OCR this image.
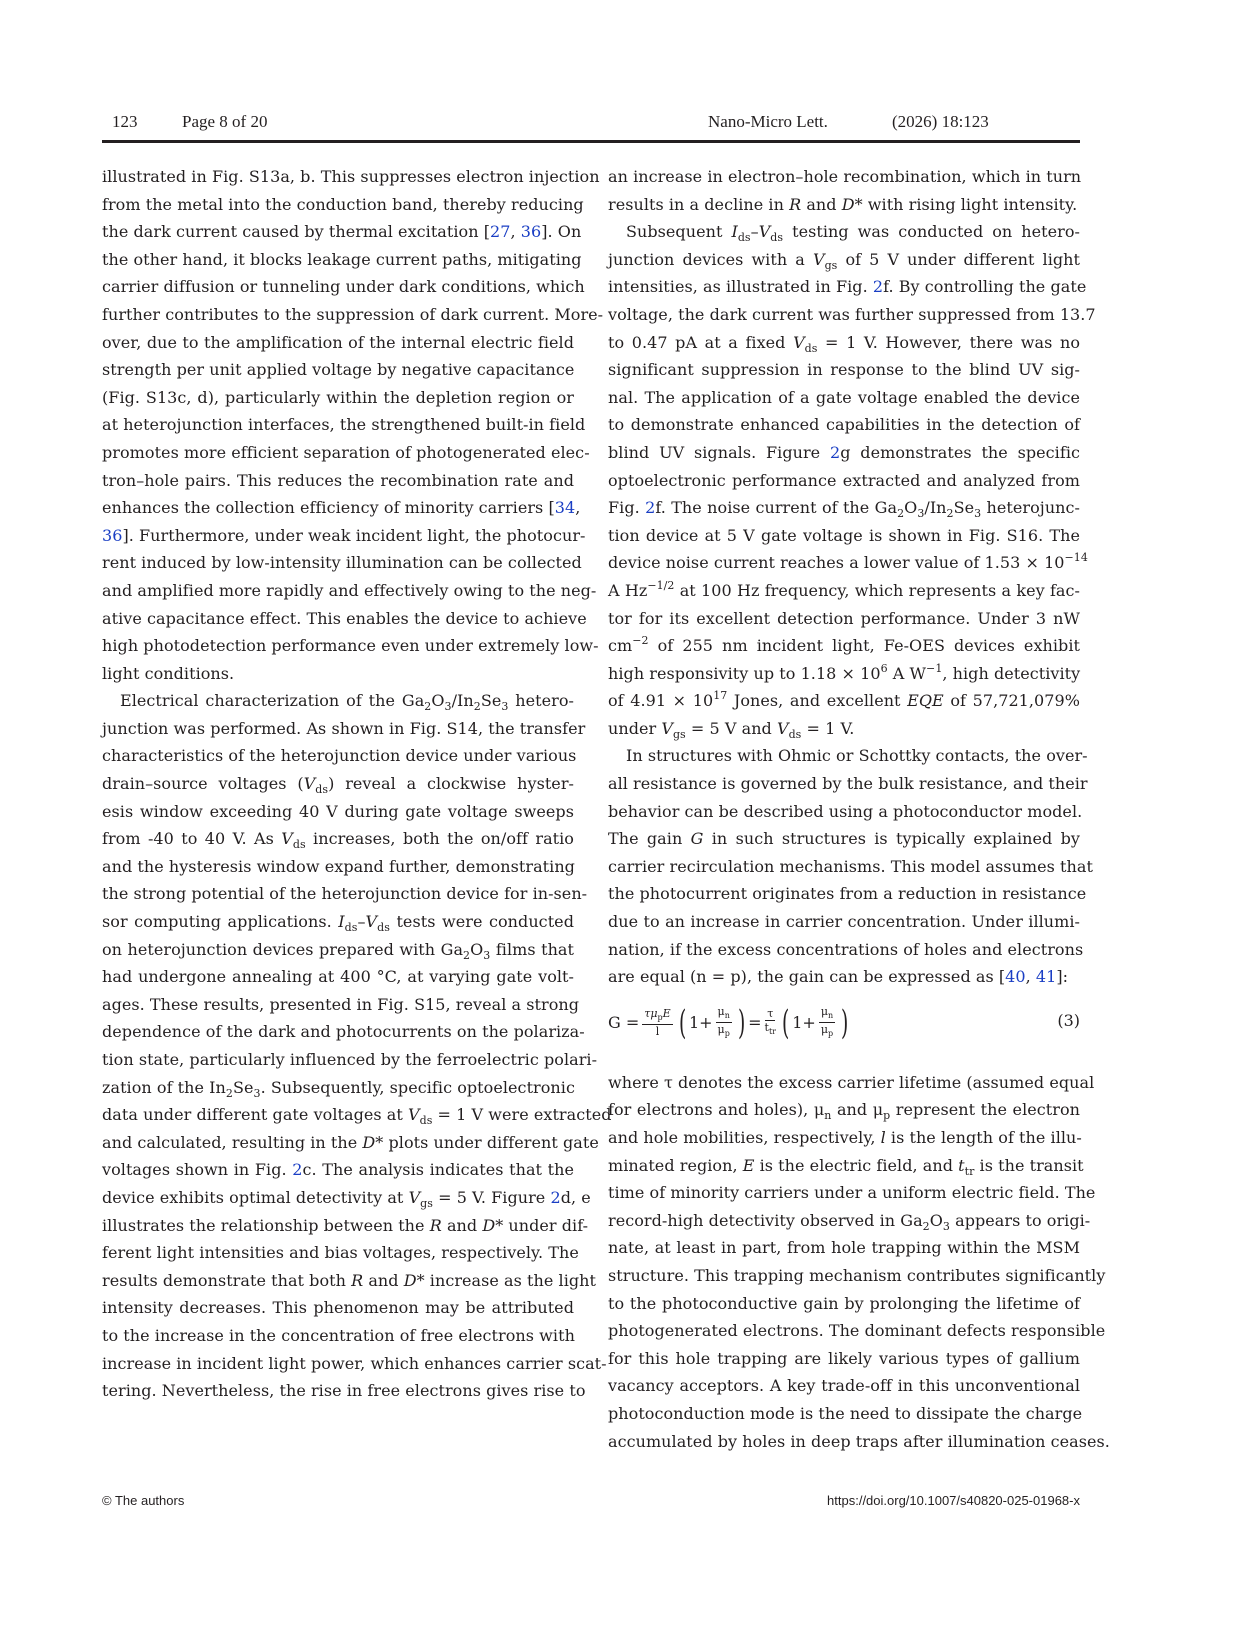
123	Page 8 of 20	Nano-Micro Lett.	(2026) 18:123
illustrated in Fig. S13a, b. This suppresses electron injection
from the metal into the conduction band, thereby reducing
the dark current caused by thermal excitation [27, 36]. On
the other hand, it blocks leakage current paths, mitigating
carrier diffusion or tunneling under dark conditions, which
further contributes to the suppression of dark current. More-
over, due to the amplification of the internal electric field
strength per unit applied voltage by negative capacitance
(Fig. S13c, d), particularly within the depletion region or
at heterojunction interfaces, the strengthened built-in field
promotes more efficient separation of photogenerated elec-
tron–hole pairs. This reduces the recombination rate and
enhances the collection efficiency of minority carriers [34,
36]. Furthermore, under weak incident light, the photocur-
rent induced by low-intensity illumination can be collected
and amplified more rapidly and effectively owing to the neg-
ative capacitance effect. This enables the device to achieve
high photodetection performance even under extremely low-
light conditions.
Electrical characterization of the $Ga_2O_3/In_2Se_3$ hetero-
junction was performed. As shown in Fig. S14, the transfer
characteristics of the heterojunction device under various
drain–source voltages $(V_{ds})$ reveal a clockwise hyster-
esis window exceeding 40 V during gate voltage sweeps
from -40 to 40 V. As $V_{ds}$ increases, both the on/off ratio
and the hysteresis window expand further, demonstrating
the strong potential of the heterojunction device for in-sen-
sor computing applications. $I_{ds}-V_{ds}$ tests were conducted
on heterojunction devices prepared with $Ga_2O_3$ films that
had undergone annealing at 400 °C, at varying gate volt-
ages. These results, presented in Fig. S15, reveal a strong
dependence of the dark and photocurrents on the polariza-
tion state, particularly influenced by the ferroelectric polari-
zation of the $In_2Se_3$. Subsequently, specific optoelectronic
data under different gate voltages at $V_{ds} = 1$ V were extracted
and calculated, resulting in the D* plots under different gate
voltages shown in Fig. 2c. The analysis indicates that the
device exhibits optimal detectivity at $V_{gs} = 5$ V. Figure 2d, e
illustrates the relationship between the R and D* under dif-
ferent light intensities and bias voltages, respectively. The
results demonstrate that both R and D* increase as the light
intensity decreases. This phenomenon may be attributed
to the increase in the concentration of free electrons with
increase in incident light power, which enhances carrier scat-
tering. Nevertheless, the rise in free electrons gives rise to
an increase in electron–hole recombination, which in turn
results in a decline in R and D* with rising light intensity.
Subsequent $I_{ds}-V_{ds}$ testing was conducted on hetero-
junction devices with a $V_{gs}$ of 5 V under different light
intensities, as illustrated in Fig. 2f. By controlling the gate
voltage, the dark current was further suppressed from 13.7
to 0.47 pA at a fixed $V_{ds} = 1$ V. However, there was no
significant suppression in response to the blind UV sig-
nal. The application of a gate voltage enabled the device
to demonstrate enhanced capabilities in the detection of
blind UV signals. Figure 2g demonstrates the specific
optoelectronic performance extracted and analyzed from
Fig. 2f. The noise current of the $Ga_2O_3/In_2Se_3$ heterojunc-
tion device at 5 V gate voltage is shown in Fig. S16. The
device noise current reaches a lower value of $1.53 \times 10^{-14}$
A $Hz^{-1/2}$ at 100 Hz frequency, which represents a key fac-
tor for its excellent detection performance. Under 3 nW
$cm^{-2}$ of 255 nm incident light, Fe-OES devices exhibit
high responsivity up to $1.18 \times 10^6$ A $W^{-1}$, high detectivity
of $4.91 \times 10^{17}$ Jones, and excellent EQE of 57,721,079%
under $V_{gs} = 5$ V and $V_{ds} = 1$ V.
In structures with Ohmic or Schottky contacts, the over-
all resistance is governed by the bulk resistance, and their
behavior can be described using a photoconductor model.
The gain G in such structures is typically explained by
carrier recirculation mechanisms. This model assumes that
the photocurrent originates from a reduction in resistance
due to an increase in carrier concentration. Under illumi-
nation, if the excess concentrations of holes and electrons
are equal (n = p), the gain can be expressed as [40, 41]:
$G = \frac{\tau\mu_pE}{l}$ ( $1+ \frac{\mu_n}{\mu_p}$ ) = $\frac{\tau}{t_{tr}}$ ( $1+ \frac{\mu_n}{\mu_p}$ )	(3)
where τ denotes the excess carrier lifetime (assumed equal
for electrons and holes), $\mu_n$ and $\mu_p$ represent the electron
and hole mobilities, respectively, l is the length of the illu-
minated region, E is the electric field, and $t_{tr}$ is the transit
time of minority carriers under a uniform electric field. The
record-high detectivity observed in $Ga_2O_3$ appears to origi-
nate, at least in part, from hole trapping within the MSM
structure. This trapping mechanism contributes significantly
to the photoconductive gain by prolonging the lifetime of
photogenerated electrons. The dominant defects responsible
for this hole trapping are likely various types of gallium
vacancy acceptors. A key trade-off in this unconventional
photoconduction mode is the need to dissipate the charge
accumulated by holes in deep traps after illumination ceases.
© The authors	https://doi.org/10.1007/s40820-025-01968-x
